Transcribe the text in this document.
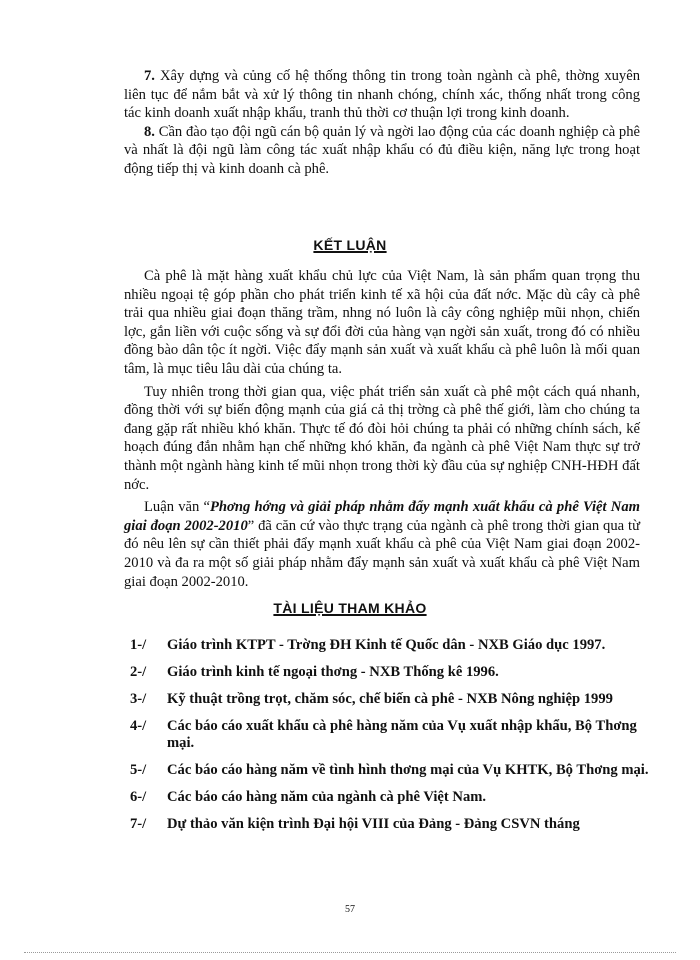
7. Xây dựng và củng cố hệ thống thông tin trong toàn ngành cà phê, thờng xuyên liên tục để nắm bắt và xử lý thông tin nhanh chóng, chính xác, thống nhất trong công tác kinh doanh xuất nhập khẩu, tranh thủ thời cơ thuận lợi trong kinh doanh.

8. Cần đào tạo đội ngũ cán bộ quản lý và ngời lao động của các doanh nghiệp cà phê và nhất là đội ngũ làm công tác xuất nhập khẩu có đủ điều kiện, năng lực trong hoạt động tiếp thị và kinh doanh cà phê.

KẾT LUẬN

Cà phê là mặt hàng xuất khẩu chủ lực của Việt Nam, là sản phẩm quan trọng thu nhiều ngoại tệ góp phần cho phát triển kinh tế xã hội của đất nớc. Mặc dù cây cà phê trải qua nhiều giai đoạn thăng trầm, nhng nó luôn là cây công nghiệp mũi nhọn, chiến lợc, gắn liền với cuộc sống và sự đổi đời của hàng vạn ngời sản xuất, trong đó có nhiều đồng bào dân tộc ít ngời. Việc đẩy mạnh sản xuất và xuất khẩu cà phê luôn là mối quan tâm, là mục tiêu lâu dài của chúng ta.

Tuy nhiên trong thời gian qua, việc phát triển sản xuất cà phê một cách quá nhanh, đồng thời với sự biến động mạnh của giá cả thị trờng cà phê thế giới, làm cho chúng ta đang gặp rất nhiều khó khăn. Thực tế đó đòi hỏi chúng ta phải có những chính sách, kế hoạch đúng đắn nhằm hạn chế những khó khăn, đa ngành cà phê Việt Nam thực sự trở thành một ngành hàng kinh tế mũi nhọn trong thời kỳ đầu của sự nghiệp CNH-HĐH đất nớc.

Luận văn “Phơng hớng và giải pháp nhằm đẩy mạnh xuất khẩu cà phê Việt Nam giai đoạn 2002-2010” đã căn cứ vào thực trạng của ngành cà phê trong thời gian qua từ đó nêu lên sự cần thiết phải đẩy mạnh xuất khẩu cà phê của Việt Nam giai đoạn 2002-2010 và đa ra một số giải pháp nhằm đẩy mạnh sản xuất và xuất khẩu cà phê Việt Nam giai đoạn 2002-2010.

TÀI LIỆU THAM KHẢO

1-/	Giáo trình KTPT - Trờng ĐH Kinh tế Quốc dân - NXB Giáo dục 1997.

2-/	Giáo trình kinh tế ngoại thơng - NXB Thống kê 1996.

3-/	Kỹ thuật trồng trọt, chăm sóc, chế biến cà phê - NXB Nông nghiệp 1999

4-/	Các báo cáo xuất khẩu cà phê hàng năm của Vụ xuất nhập khẩu, Bộ Thơng mại.

5-/	Các báo cáo hàng năm về tình hình thơng mại của Vụ KHTK, Bộ Thơng mại.

6-/	Các báo cáo hàng năm của ngành cà phê Việt Nam.

7-/	Dự thảo văn kiện trình Đại hội VIII của Đảng - Đảng CSVN tháng

57
